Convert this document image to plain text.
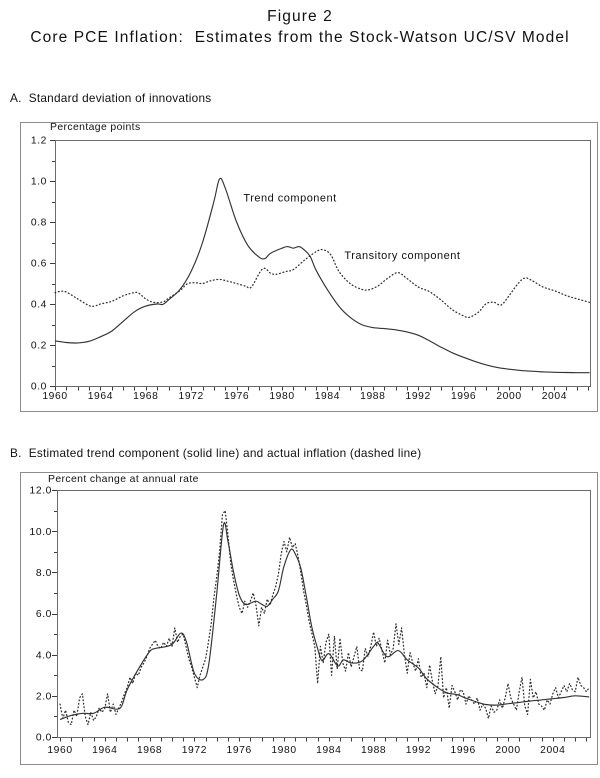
Figure 2
Core PCE Inflation:  Estimates from the Stock-Watson UC/SV Model
A.  Standard deviation of innovations
1960 1964 1968 1972 1976 1980 1984 1988 1992 1996 2000 2004
0.0
0.2
0.4
0.6
0.8
1.0
1.2
Percentage points
Trend component
Transitory component
B.  Estimated trend component (solid line) and actual inflation (dashed line)
1960 1964 1968 1972 1976 1980 1984 1988 1992 1996 2000 2004
0.0
2.0
4.0
6.0
8.0
10.0
12.0
Percent change at annual rate
